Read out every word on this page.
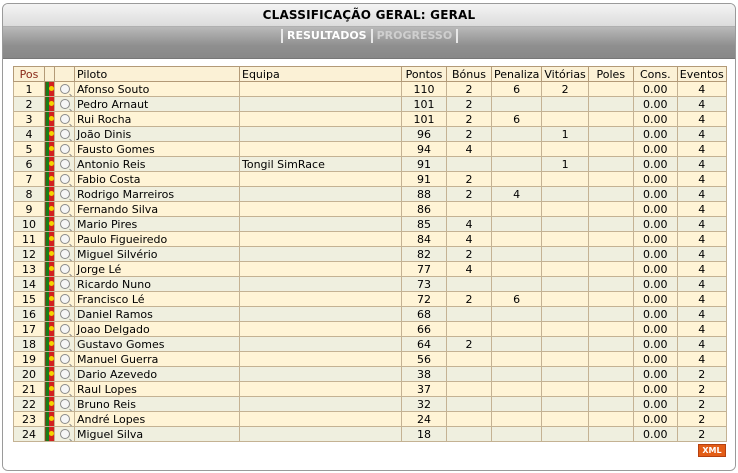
CLASSIFICAÇÃO GERAL: GERAL
RESULTADOS PROGRESSO
Pos			Piloto	Equipa	Pontos	Bónus	Penaliza	Vitórias	Poles	Cons.	Eventos
1			Afonso Souto		110	2	6	2		0.00	4
2			Pedro Arnaut		101	2				0.00	4
3			Rui Rocha		101	2	6			0.00	4
4			João Dinis		96	2		1		0.00	4
5			Fausto Gomes		94	4				0.00	4
6			Antonio Reis	Tongil SimRace	91			1		0.00	4
7			Fabio Costa		91	2				0.00	4
8			Rodrigo Marreiros		88	2	4			0.00	4
9			Fernando Silva		86					0.00	4
10			Mario Pires		85	4				0.00	4
11			Paulo Figueiredo		84	4				0.00	4
12			Miguel Silvério		82	2				0.00	4
13			Jorge Lé		77	4				0.00	4
14			Ricardo Nuno		73					0.00	4
15			Francisco Lé		72	2	6			0.00	4
16			Daniel Ramos		68					0.00	4
17			Joao Delgado		66					0.00	4
18			Gustavo Gomes		64	2				0.00	4
19			Manuel Guerra		56					0.00	4
20			Dario Azevedo		38					0.00	2
21			Raul Lopes		37					0.00	2
22			Bruno Reis		32					0.00	2
23			André Lopes		24					0.00	2
24			Miguel Silva		18					0.00	2
XML
